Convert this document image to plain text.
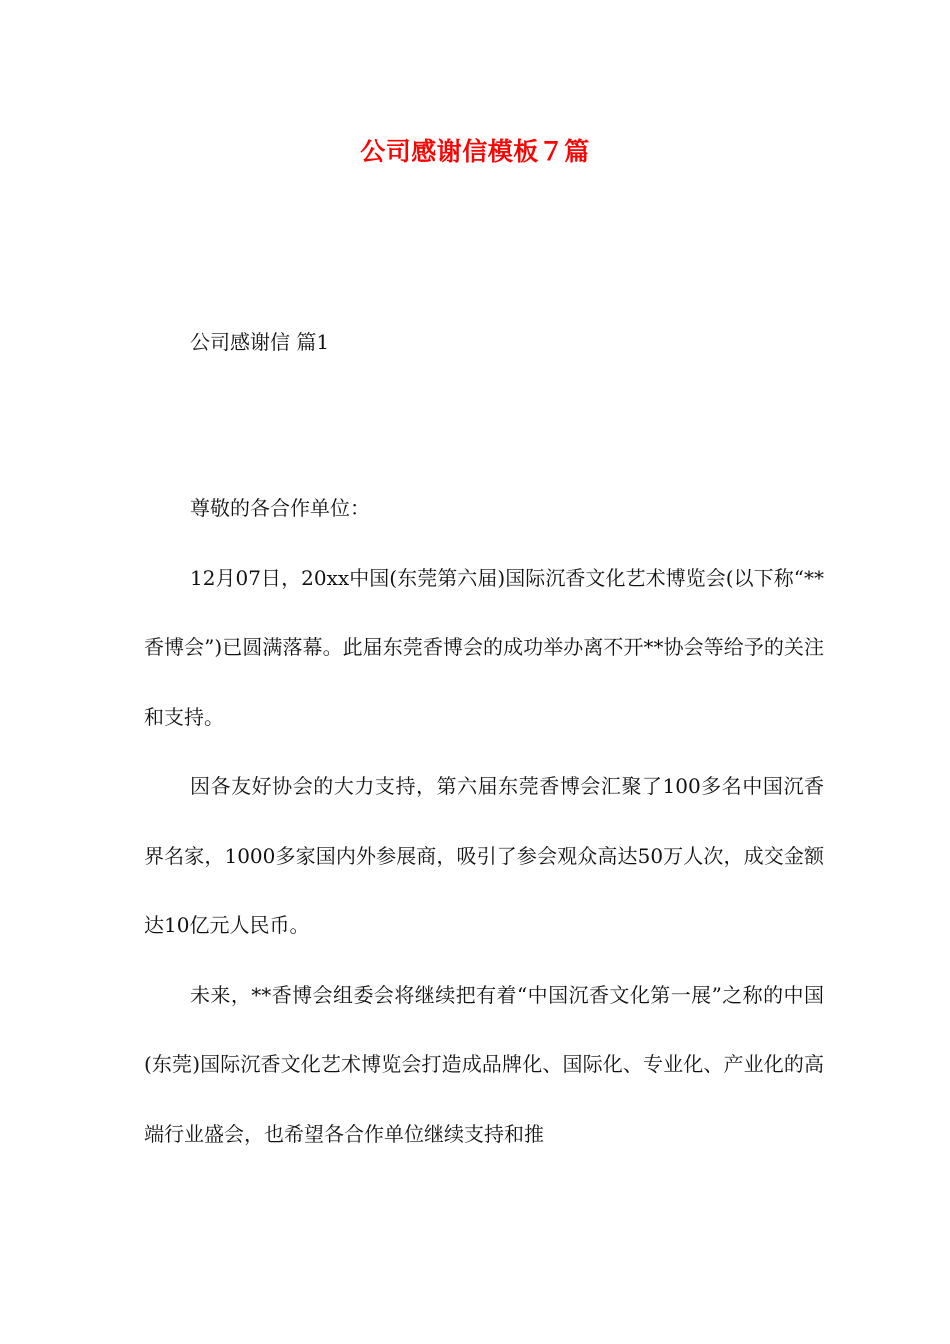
公司感谢信模板７篇
公司感谢信 篇1

尊敬的各合作单位：

12月07日，20xx中国(东莞第六届)国际沉香文化艺术博览会(以下称“**香博会”)已圆满落幕。此届东莞香博会的成功举办离不开**协会等给予的关注和支持。

因各友好协会的大力支持，第六届东莞香博会汇聚了100多名中国沉香界名家，1000多家国内外参展商，吸引了参会观众高达50万人次，成交金额达10亿元人民币。

未来，**香博会组委会将继续把有着“中国沉香文化第一展”之称的中国(东莞)国际沉香文化艺术博览会打造成品牌化、国际化、专业化、产业化的高端行业盛会，也希望各合作单位继续支持和推
